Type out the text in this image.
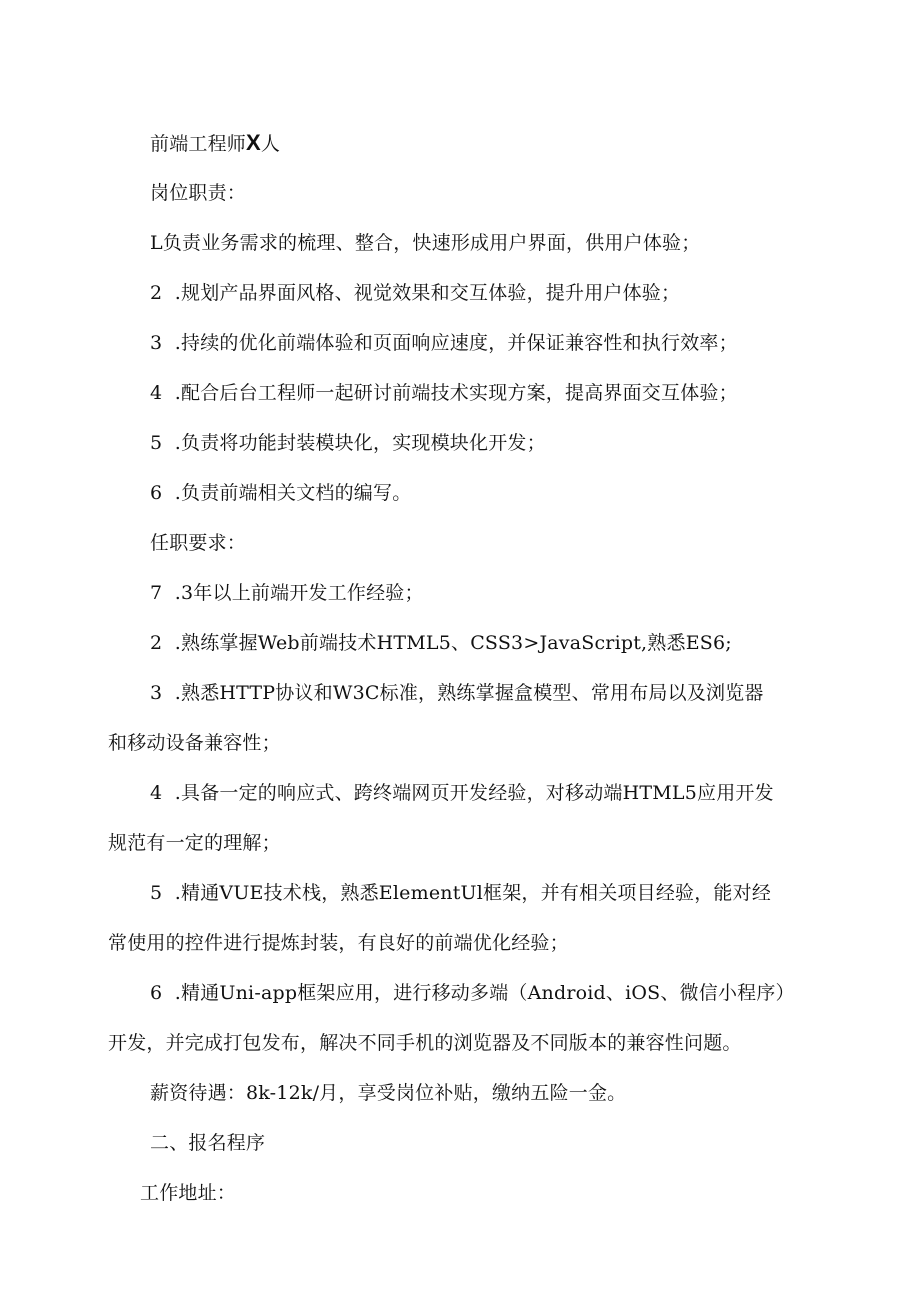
前端工程师X人

岗位职责：

L负责业务需求的梳理、整合，快速形成用户界面，供用户体验；

2  .规划产品界面风格、视觉效果和交互体验，提升用户体验；

3  .持续的优化前端体验和页面响应速度，并保证兼容性和执行效率；

4  .配合后台工程师一起研讨前端技术实现方案，提高界面交互体验；

5  .负责将功能封装模块化，实现模块化开发；

6  .负责前端相关文档的编写。

任职要求：

7  .3年以上前端开发工作经验；

2  .熟练掌握Web前端技术HTML5、CSS3>JavaScript,熟悉ES6;

3  .熟悉HTTP协议和W3C标准，熟练掌握盒模型、常用布局以及浏览器

和移动设备兼容性；

4  .具备一定的响应式、跨终端网页开发经验，对移动端HTML5应用开发

规范有一定的理解；

5  .精通VUE技术栈，熟悉ElementUl框架，并有相关项目经验，能对经

常使用的控件进行提炼封装，有良好的前端优化经验；

6  .精通Uni-app框架应用，进行移动多端（Android、iOS、微信小程序）

开发，并完成打包发布，解决不同手机的浏览器及不同版本的兼容性问题。

薪资待遇：8k-12k/月，享受岗位补贴，缴纳五险一金。

二、报名程序

工作地址：
